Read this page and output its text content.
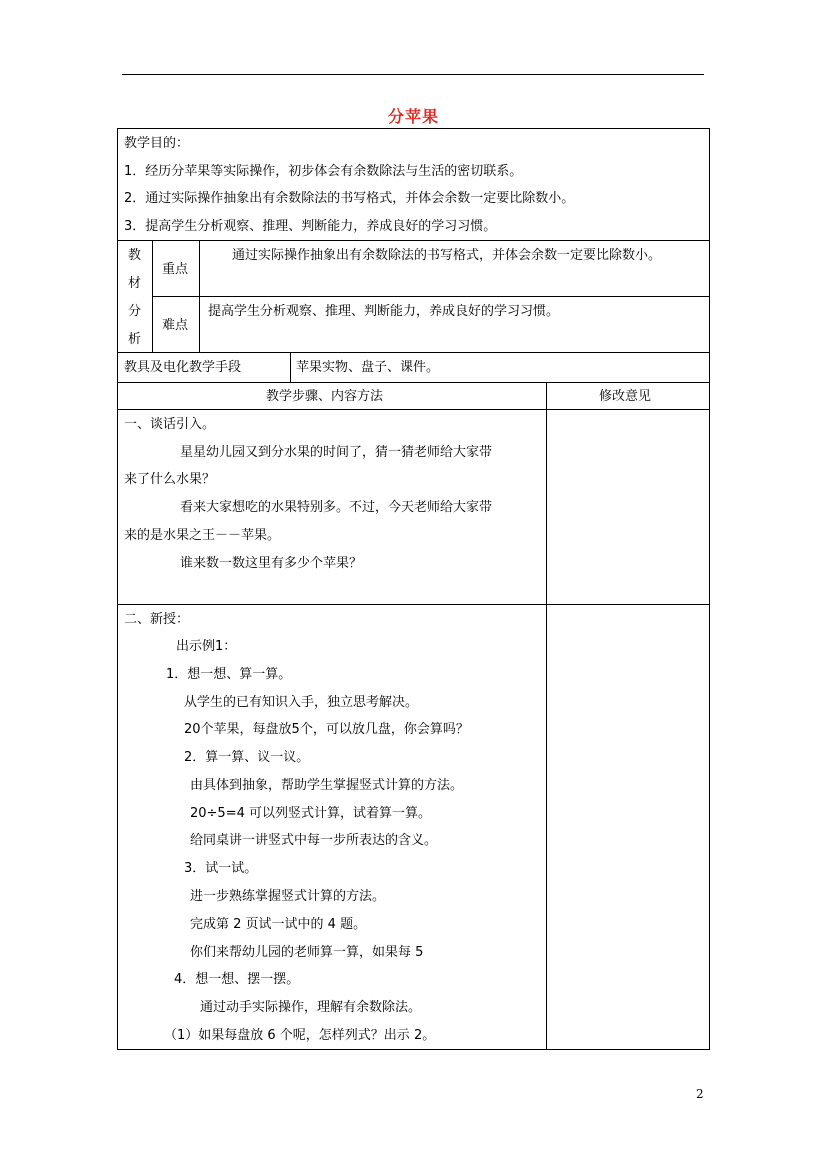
分苹果
教学目的：
1．经历分苹果等实际操作，初步体会有余数除法与生活的密切联系。
2．通过实际操作抽象出有余数除法的书写格式，并体会余数一定要比除数小。
3．提高学生分析观察、推理、判断能力，养成良好的学习习惯。
教
材
分
析
重点
通过实际操作抽象出有余数除法的书写格式，并体会余数一定要比除数小。
难点
提高学生分析观察、推理、判断能力，养成良好的学习习惯。
教具及电化教学手段	苹果实物、盘子、课件。
教学步骤、内容方法	修改意见
一、谈话引入。
星星幼儿园又到分水果的时间了，猜一猜老师给大家带
来了什么水果？
看来大家想吃的水果特别多。不过，今天老师给大家带
来的是水果之王－－苹果。
谁来数一数这里有多少个苹果？
二、新授：
出示例1：
1．想一想、算一算。
从学生的已有知识入手，独立思考解决。
20个苹果，每盘放5个，可以放几盘，你会算吗？
2．算一算、议一议。
由具体到抽象，帮助学生掌握竖式计算的方法。
20÷5=4 可以列竖式计算，试着算一算。
给同桌讲一讲竖式中每一步所表达的含义。
3．试一试。
进一步熟练掌握竖式计算的方法。
完成第 2 页试一试中的 4 题。
你们来帮幼儿园的老师算一算，如果每 5
4．想一想、摆一摆。
通过动手实际操作，理解有余数除法。
（1）如果每盘放 6 个呢，怎样列式？出示 2。
2
